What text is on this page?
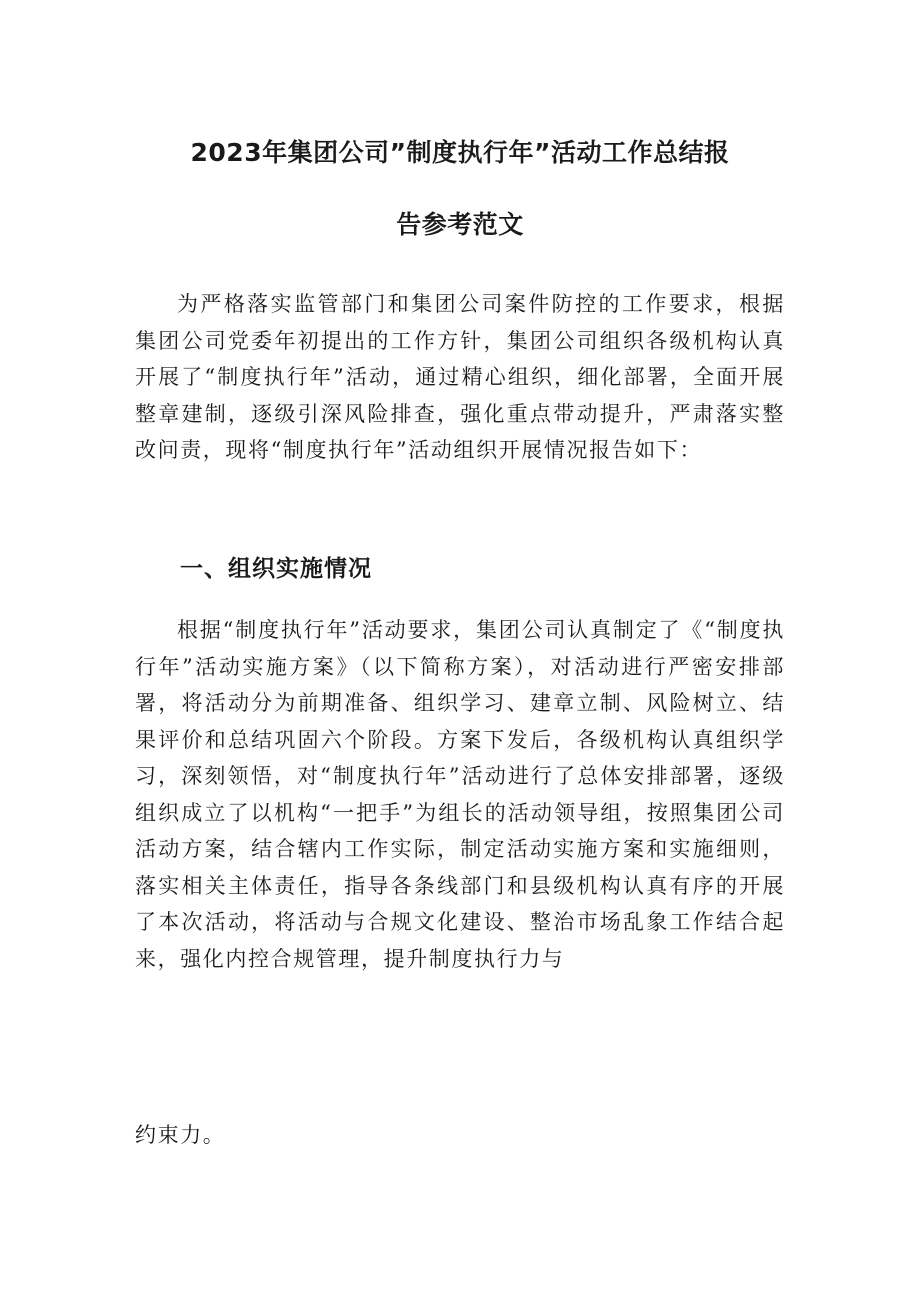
2023年集团公司”制度执行年”活动工作总结报
告参考范文

为严格落实监管部门和集团公司案件防控的工作要求，根据集团公司党委年初提出的工作方针，集团公司组织各级机构认真开展了“制度执行年”活动，通过精心组织，细化部署，全面开展整章建制，逐级引深风险排查，强化重点带动提升，严肃落实整改问责，现将“制度执行年”活动组织开展情况报告如下：

一、组织实施情况

根据“制度执行年”活动要求，集团公司认真制定了《“制度执行年”活动实施方案》（以下简称方案），对活动进行严密安排部署，将活动分为前期准备、组织学习、建章立制、风险树立、结果评价和总结巩固六个阶段。方案下发后，各级机构认真组织学习，深刻领悟，对“制度执行年”活动进行了总体安排部署，逐级组织成立了以机构“一把手”为组长的活动领导组，按照集团公司活动方案，结合辖内工作实际，制定活动实施方案和实施细则，落实相关主体责任，指导各条线部门和县级机构认真有序的开展了本次活动，将活动与合规文化建设、整治市场乱象工作结合起来，强化内控合规管理，提升制度执行力与

约束力。
